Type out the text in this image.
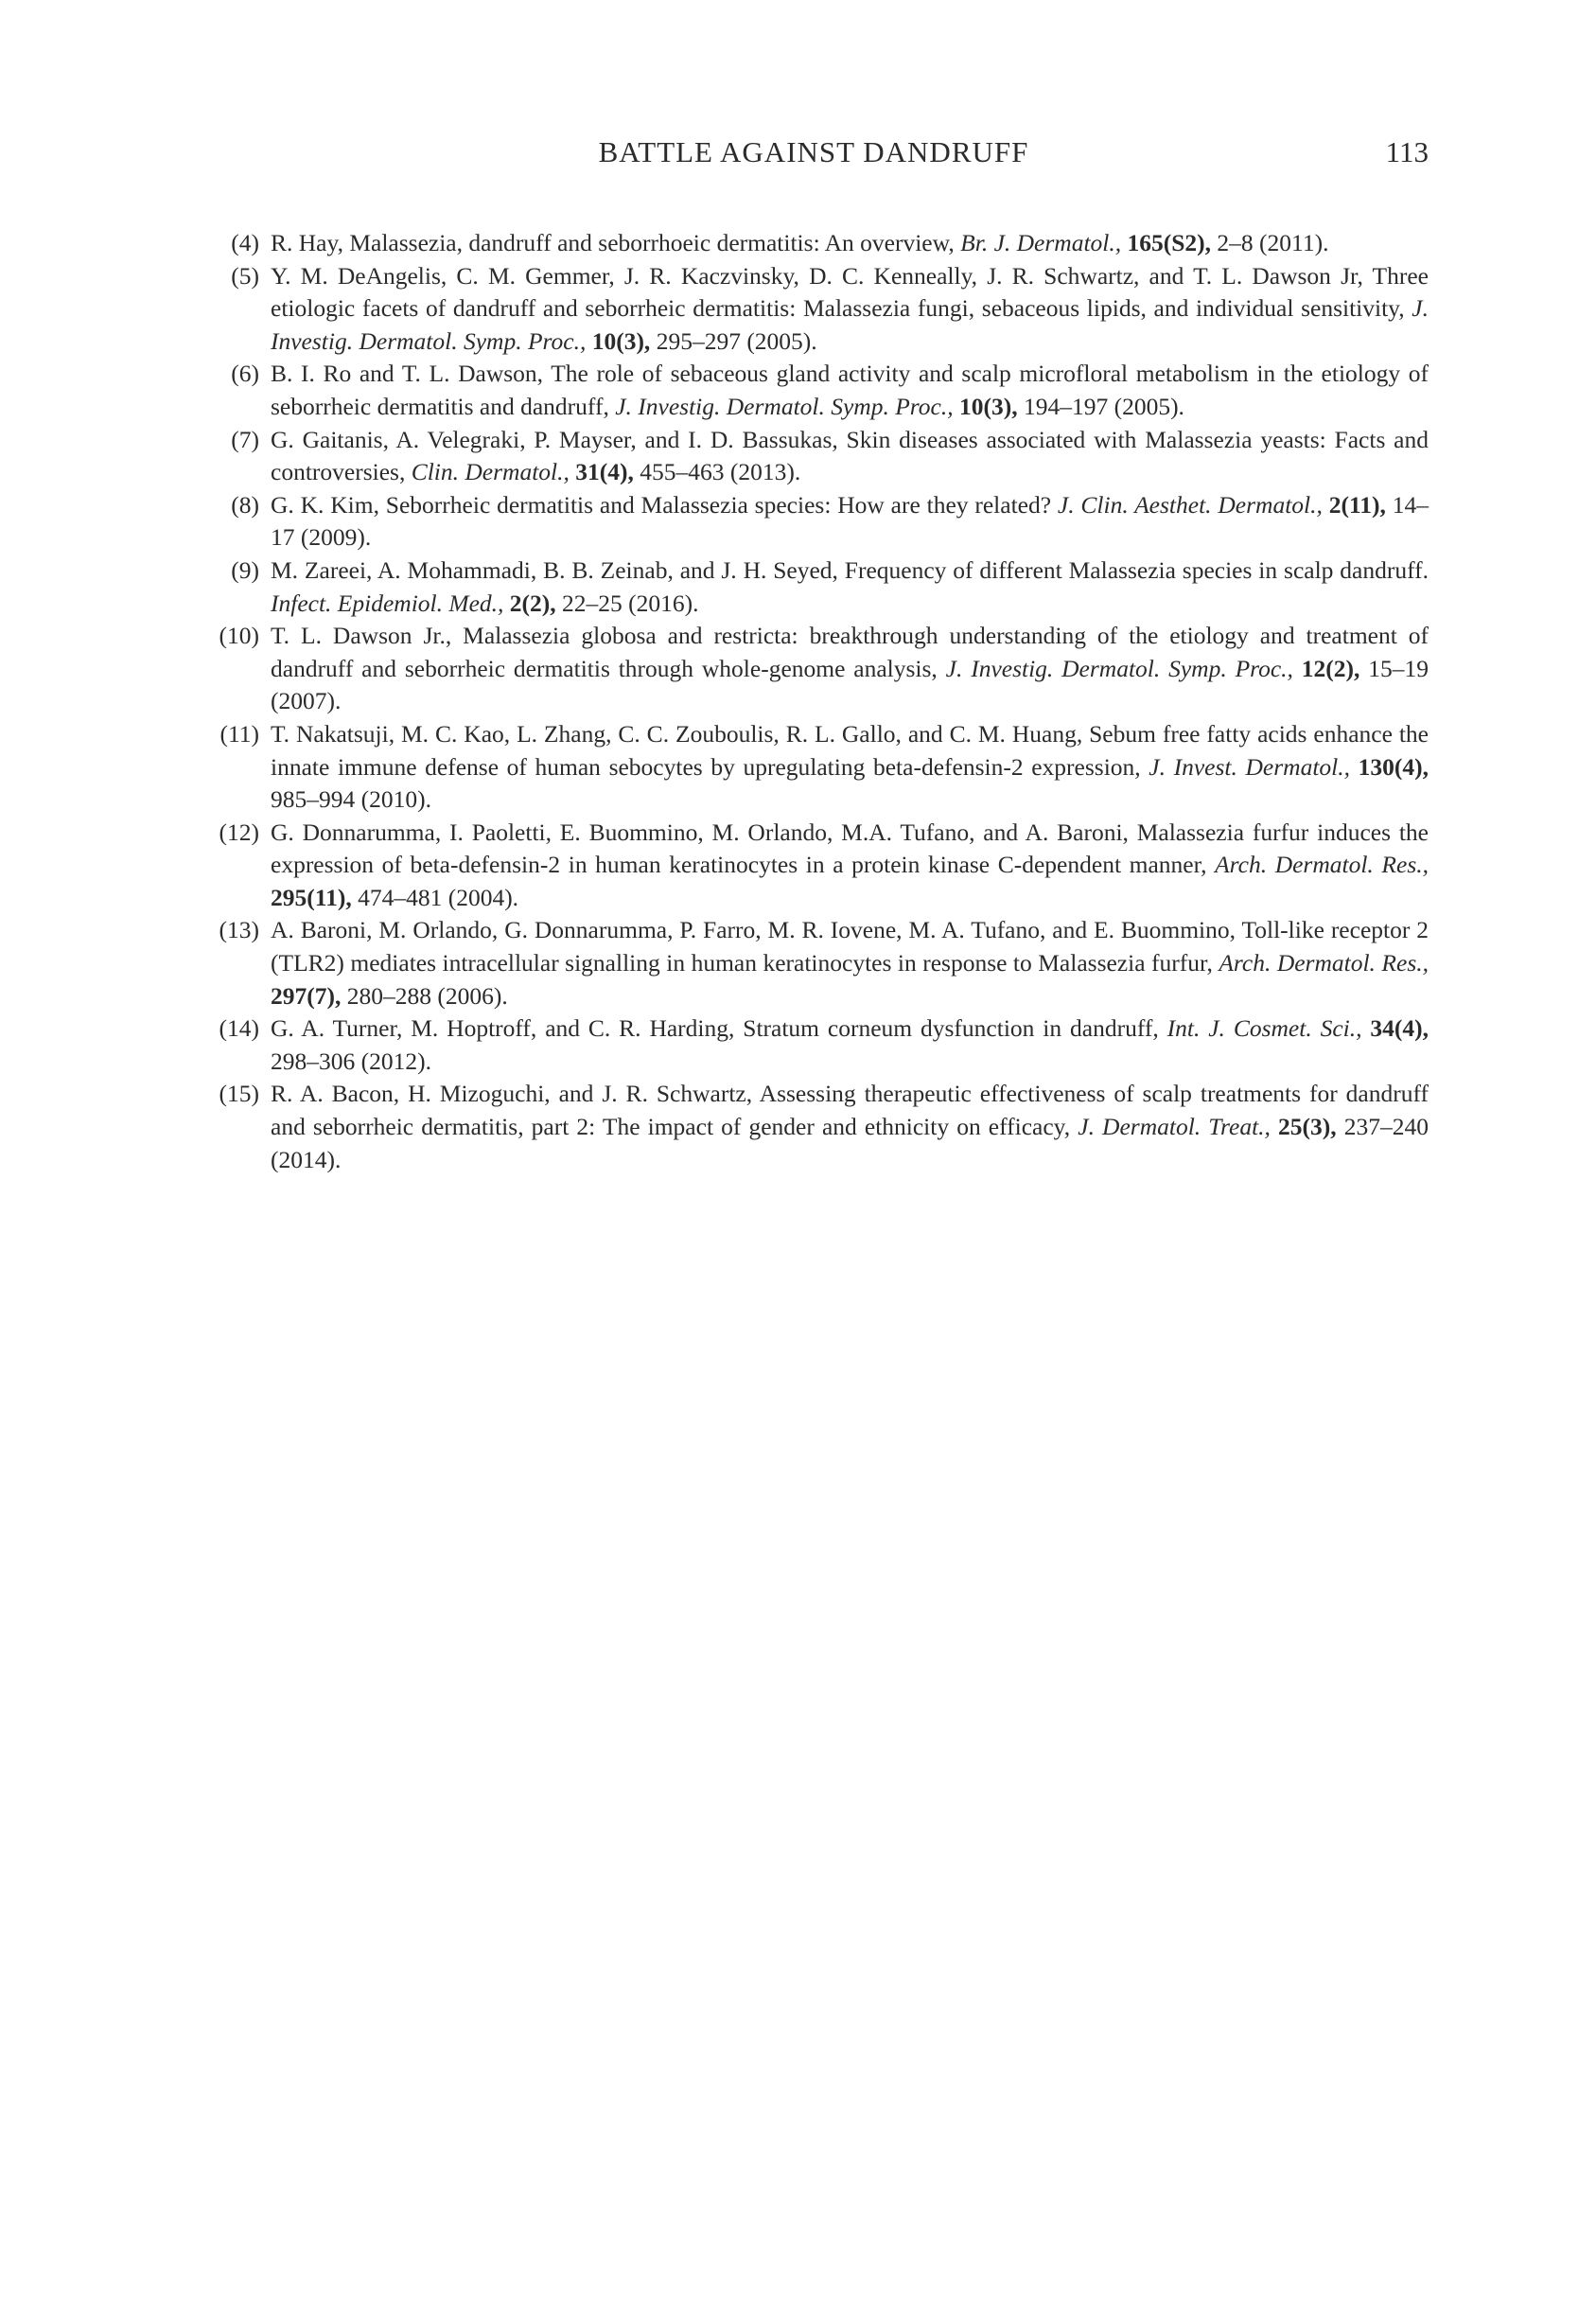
BATTLE AGAINST DANDRUFF	113
(4) R. Hay, Malassezia, dandruff and seborrhoeic dermatitis: An overview, Br. J. Dermatol., 165(S2), 2–8 (2011).
(5) Y. M. DeAngelis, C. M. Gemmer, J. R. Kaczvinsky, D. C. Kenneally, J. R. Schwartz, and T. L. Dawson Jr, Three etiologic facets of dandruff and seborrheic dermatitis: Malassezia fungi, sebaceous lipids, and individual sensitivity, J. Investig. Dermatol. Symp. Proc., 10(3), 295–297 (2005).
(6) B. I. Ro and T. L. Dawson, The role of sebaceous gland activity and scalp microfloral metabolism in the etiology of seborrheic dermatitis and dandruff, J. Investig. Dermatol. Symp. Proc., 10(3), 194–197 (2005).
(7) G. Gaitanis, A. Velegraki, P. Mayser, and I. D. Bassukas, Skin diseases associated with Malassezia yeasts: Facts and controversies, Clin. Dermatol., 31(4), 455–463 (2013).
(8) G. K. Kim, Seborrheic dermatitis and Malassezia species: How are they related? J. Clin. Aesthet. Dermatol., 2(11), 14–17 (2009).
(9) M. Zareei, A. Mohammadi, B. B. Zeinab, and J. H. Seyed, Frequency of different Malassezia species in scalp dandruff. Infect. Epidemiol. Med., 2(2), 22–25 (2016).
(10) T. L. Dawson Jr., Malassezia globosa and restricta: breakthrough understanding of the etiology and treatment of dandruff and seborrheic dermatitis through whole-genome analysis, J. Investig. Dermatol. Symp. Proc., 12(2), 15–19 (2007).
(11) T. Nakatsuji, M. C. Kao, L. Zhang, C. C. Zouboulis, R. L. Gallo, and C. M. Huang, Sebum free fatty acids enhance the innate immune defense of human sebocytes by upregulating beta-defensin-2 expression, J. Invest. Dermatol., 130(4), 985–994 (2010).
(12) G. Donnarumma, I. Paoletti, E. Buommino, M. Orlando, M.A. Tufano, and A. Baroni, Malassezia furfur induces the expression of beta-defensin-2 in human keratinocytes in a protein kinase C-dependent manner, Arch. Dermatol. Res., 295(11), 474–481 (2004).
(13) A. Baroni, M. Orlando, G. Donnarumma, P. Farro, M. R. Iovene, M. A. Tufano, and E. Buommino, Toll-like receptor 2 (TLR2) mediates intracellular signalling in human keratinocytes in response to Malassezia furfur, Arch. Dermatol. Res., 297(7), 280–288 (2006).
(14) G. A. Turner, M. Hoptroff, and C. R. Harding, Stratum corneum dysfunction in dandruff, Int. J. Cosmet. Sci., 34(4), 298–306 (2012).
(15) R. A. Bacon, H. Mizoguchi, and J. R. Schwartz, Assessing therapeutic effectiveness of scalp treatments for dandruff and seborrheic dermatitis, part 2: The impact of gender and ethnicity on efficacy, J. Dermatol. Treat., 25(3), 237–240 (2014).
